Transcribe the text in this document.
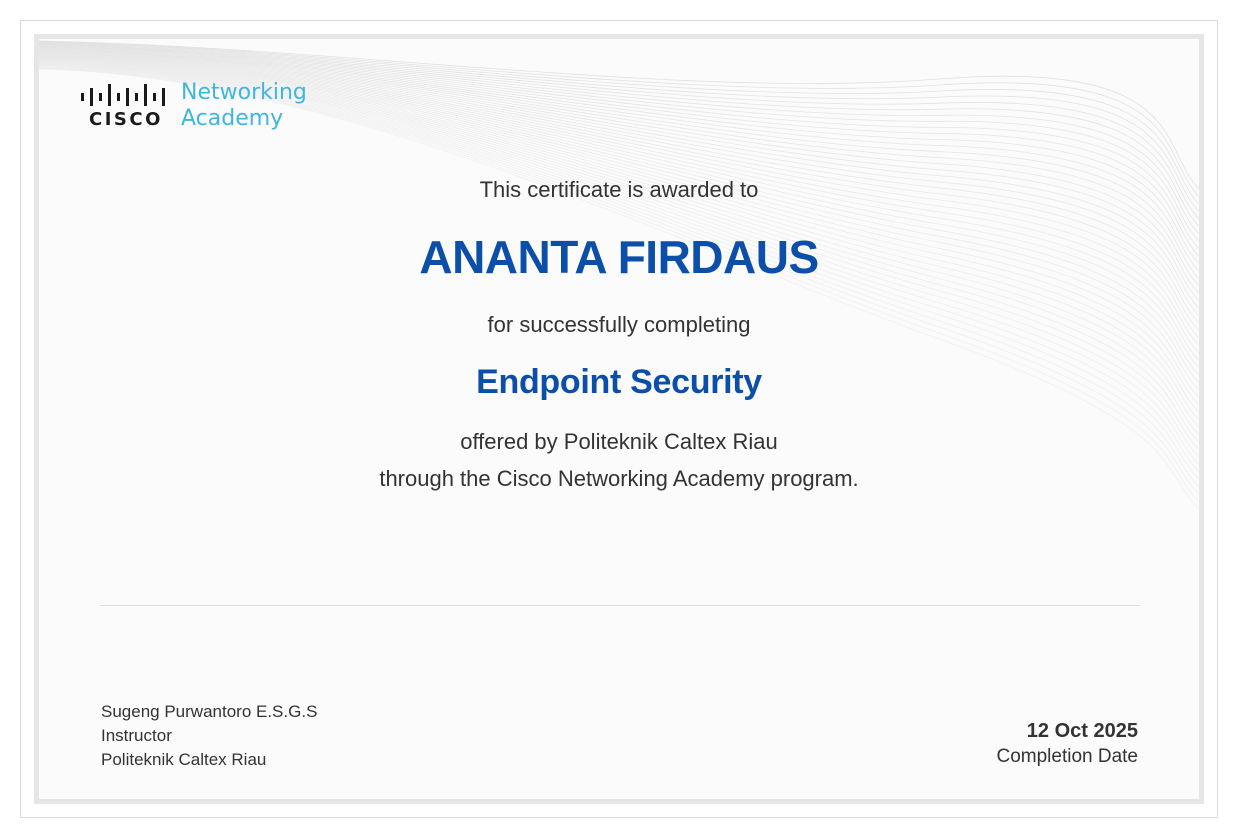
CISCO
Networking
Academy
This certificate is awarded to
ANANTA FIRDAUS
for successfully completing
Endpoint Security
offered by Politeknik Caltex Riau
through the Cisco Networking Academy program.
Sugeng Purwantoro E.S.G.S
Instructor
Politeknik Caltex Riau
12 Oct 2025
Completion Date
